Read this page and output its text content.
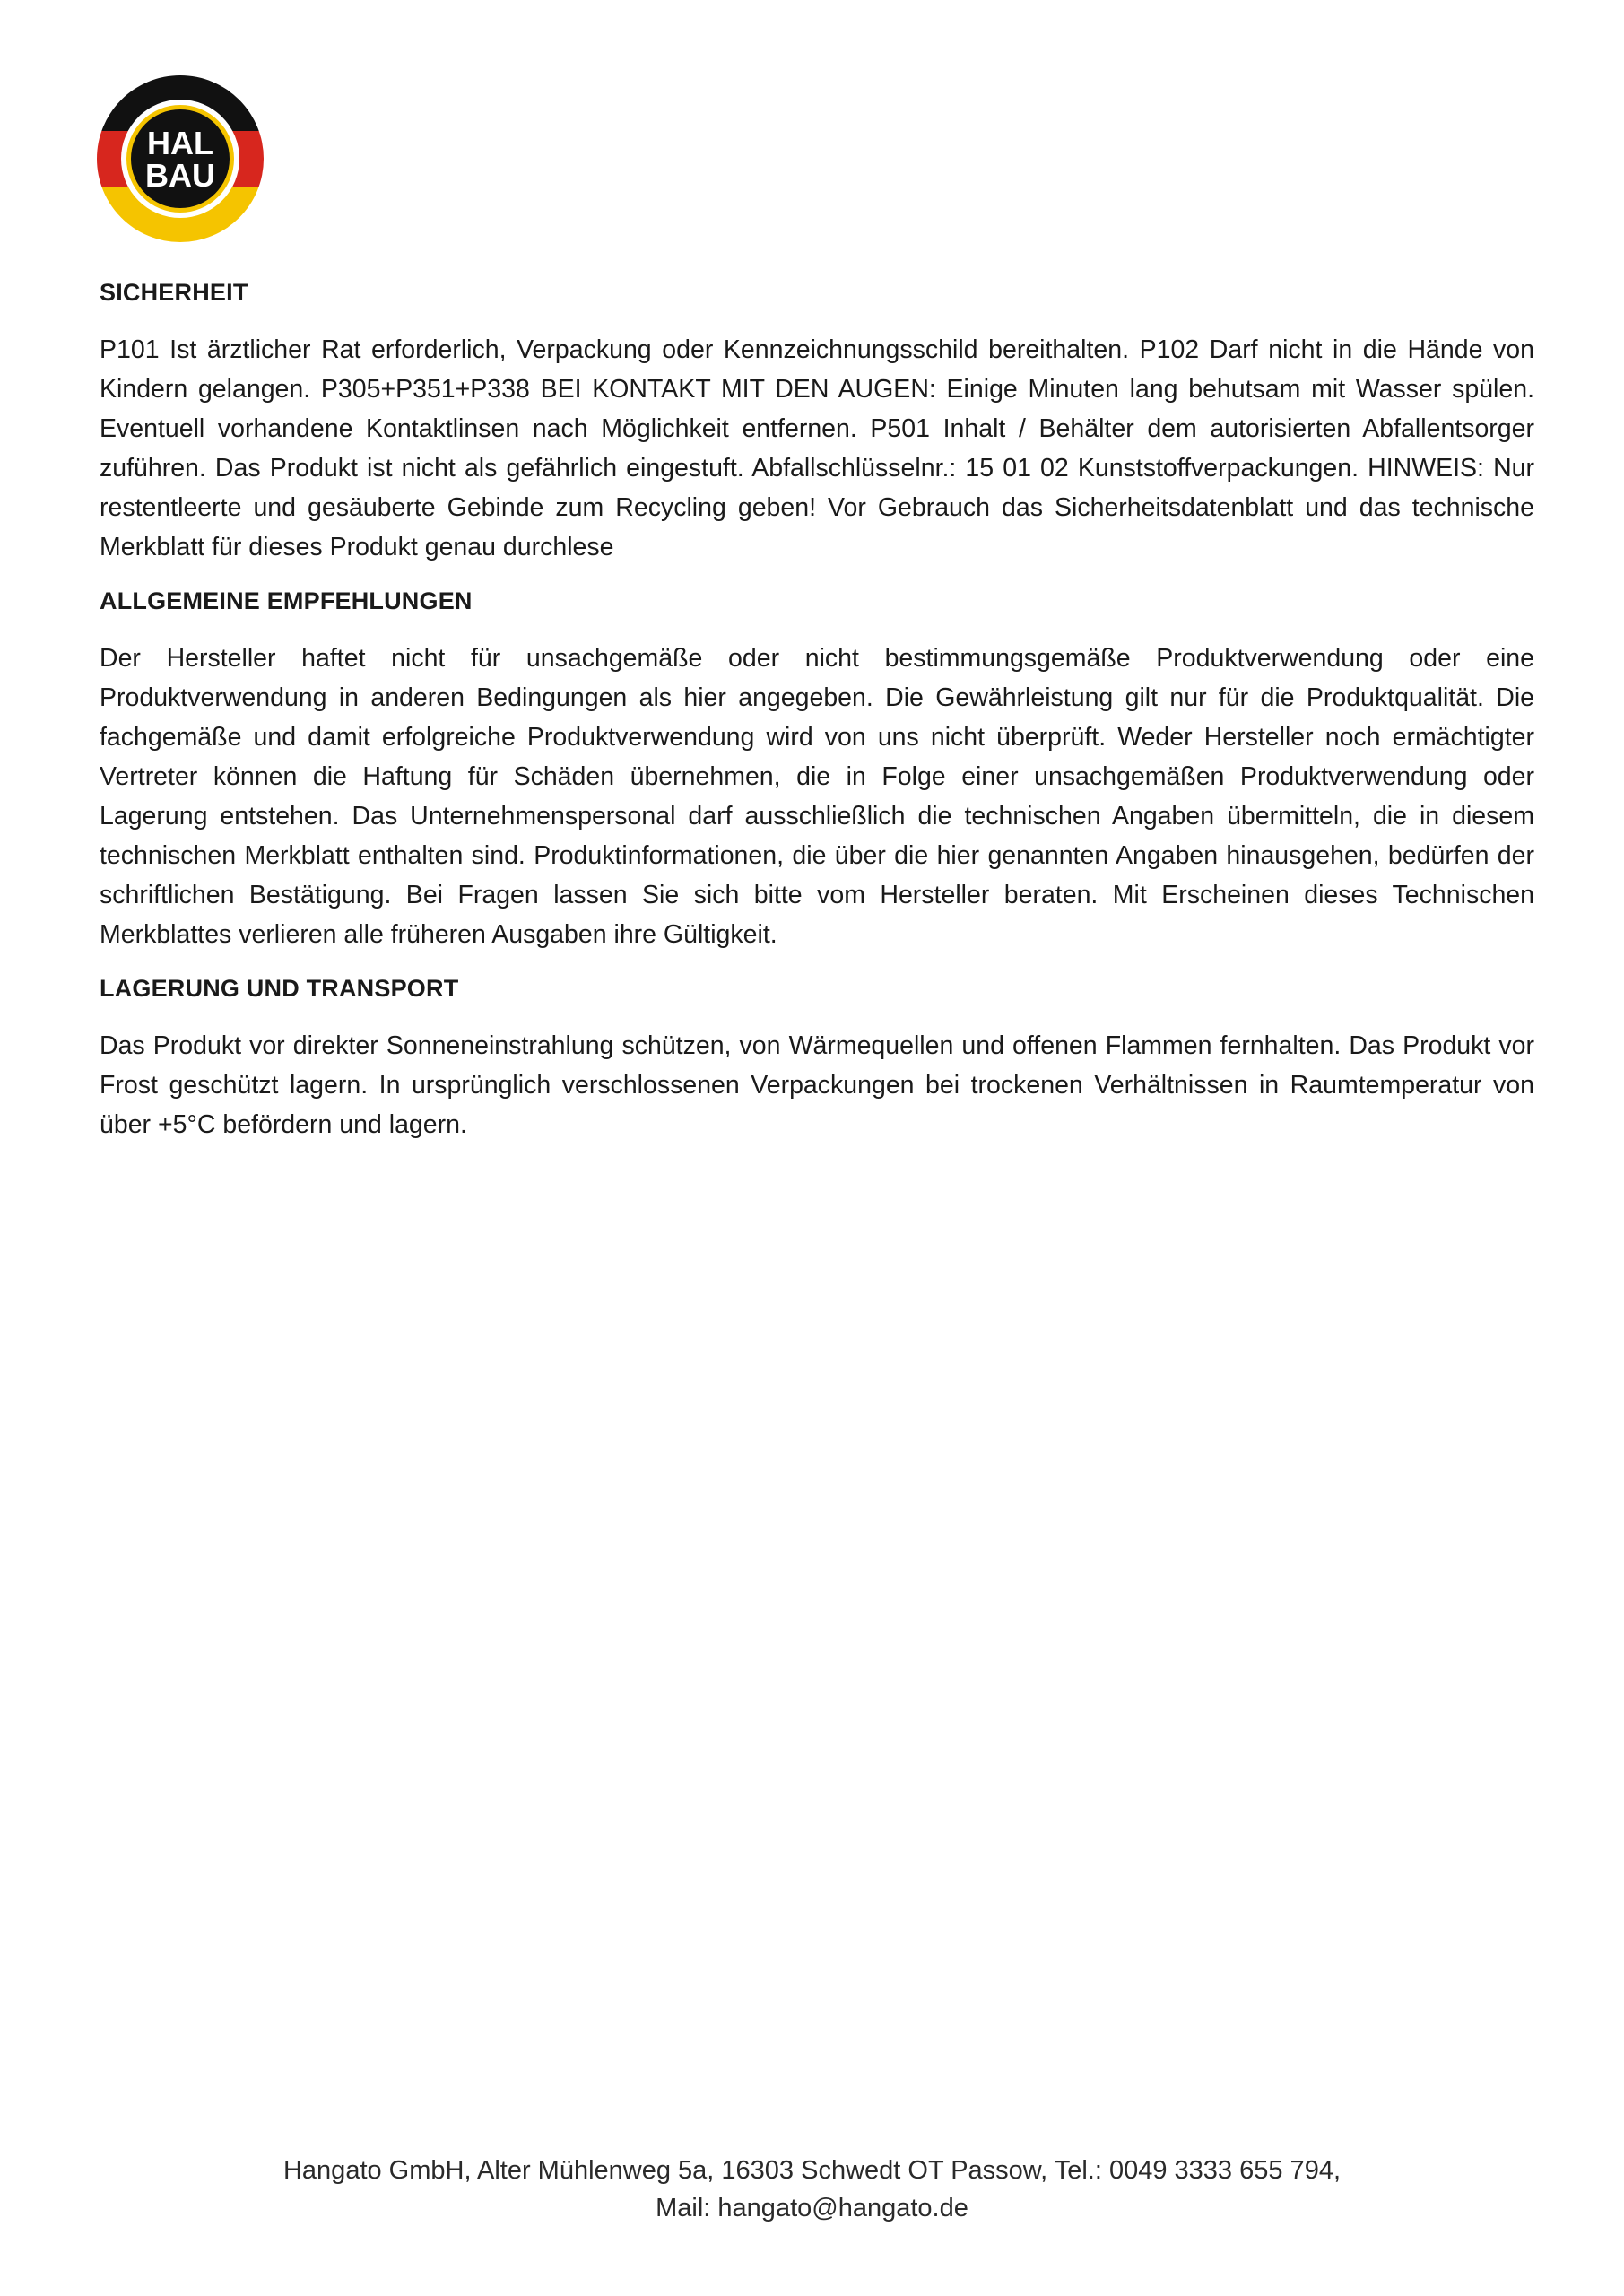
HAL
BAU
SICHERHEIT
P101 Ist ärztlicher Rat erforderlich, Verpackung oder Kennzeichnungsschild bereithalten. P102 Darf nicht in die Hände von Kindern gelangen. P305+P351+P338 BEI KONTAKT MIT DEN AUGEN: Einige Minuten lang behutsam mit Wasser spülen. Eventuell vorhandene Kontaktlinsen nach Möglichkeit entfernen. P501 Inhalt / Behälter dem autorisierten Abfallentsorger zuführen. Das Produkt ist nicht als gefährlich eingestuft. Abfallschlüsselnr.: 15 01 02 Kunststoffverpackungen. HINWEIS: Nur restentleerte und gesäuberte Gebinde zum Recycling geben! Vor Gebrauch das Sicherheitsdatenblatt und das technische Merkblatt für dieses Produkt genau durchlese
ALLGEMEINE EMPFEHLUNGEN
Der Hersteller haftet nicht für unsachgemäße oder nicht bestimmungsgemäße Produktverwendung oder eine Produktverwendung in anderen Bedingungen als hier angegeben. Die Gewährleistung gilt nur für die Produktqualität. Die fachgemäße und damit erfolgreiche Produktverwendung wird von uns nicht überprüft. Weder Hersteller noch ermächtigter Vertreter können die Haftung für Schäden übernehmen, die in Folge einer unsachgemäßen Produktverwendung oder Lagerung entstehen. Das Unternehmenspersonal darf ausschließlich die technischen Angaben übermitteln, die in diesem technischen Merkblatt enthalten sind. Produktinformationen, die über die hier genannten Angaben hinausgehen, bedürfen der schriftlichen Bestätigung. Bei Fragen lassen Sie sich bitte vom Hersteller beraten. Mit Erscheinen dieses Technischen Merkblattes verlieren alle früheren Ausgaben ihre Gültigkeit.
LAGERUNG UND TRANSPORT
Das Produkt vor direkter Sonneneinstrahlung schützen, von Wärmequellen und offenen Flammen fernhalten. Das Produkt vor Frost geschützt lagern. In ursprünglich verschlossenen Verpackungen bei trockenen Verhältnissen in Raumtemperatur von über +5°C befördern und lagern.
Hangato GmbH, Alter Mühlenweg 5a, 16303 Schwedt OT Passow, Tel.: 0049 3333 655 794,
Mail: hangato@hangato.de
